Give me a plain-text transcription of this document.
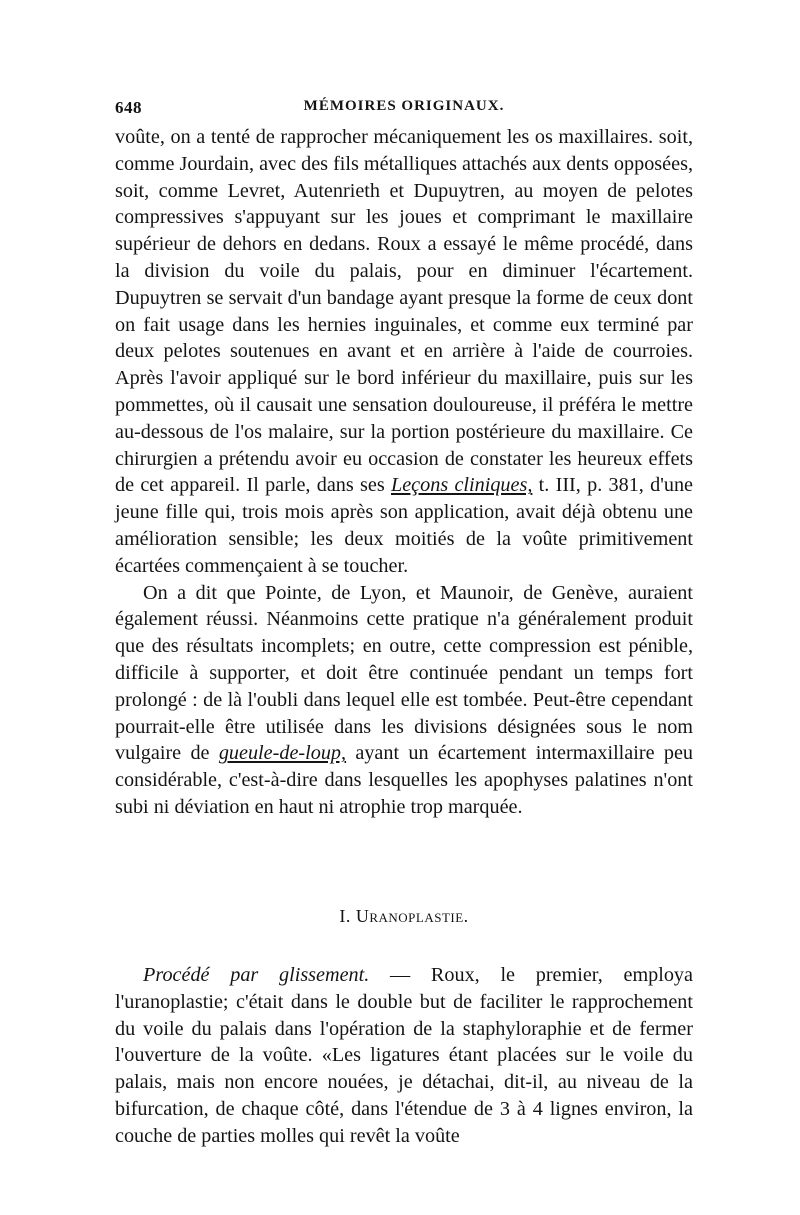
648	MÉMOIRES ORIGINAUX.

voûte, on a tenté de rapprocher mécaniquement les os maxillaires. soit, comme Jourdain, avec des fils métalliques attachés aux dents opposées, soit, comme Levret, Autenrieth et Dupuytren, au moyen de pelotes compressives s'appuyant sur les joues et comprimant le maxillaire supérieur de dehors en dedans. Roux a essayé le même procédé, dans la division du voile du palais, pour en diminuer l'écartement. Dupuytren se servait d'un bandage ayant presque la forme de ceux dont on fait usage dans les hernies inguinales, et comme eux terminé par deux pelotes soutenues en avant et en arrière à l'aide de courroies. Après l'avoir appliqué sur le bord inférieur du maxillaire, puis sur les pommettes, où il causait une sensation douloureuse, il préféra le mettre au-dessous de l'os malaire, sur la portion postérieure du maxillaire. Ce chirurgien a prétendu avoir eu occasion de constater les heureux effets de cet appareil. Il parle, dans ses Leçons cliniques, t. III, p. 381, d'une jeune fille qui, trois mois après son application, avait déjà obtenu une amélioration sensible; les deux moitiés de la voûte primitivement écartées commençaient à se toucher.

On a dit que Pointe, de Lyon, et Maunoir, de Genève, auraient également réussi. Néanmoins cette pratique n'a généralement produit que des résultats incomplets; en outre, cette compression est pénible, difficile à supporter, et doit être continuée pendant un temps fort prolongé : de là l'oubli dans lequel elle est tombée. Peut-être cependant pourrait-elle être utilisée dans les divisions désignées sous le nom vulgaire de gueule-de-loup, ayant un écartement intermaxillaire peu considérable, c'est-à-dire dans lesquelles les apophyses palatines n'ont subi ni déviation en haut ni atrophie trop marquée.

I. Uranoplastie.

Procédé par glissement. — Roux, le premier, employa l'uranoplastie; c'était dans le double but de faciliter le rapprochement du voile du palais dans l'opération de la staphyloraphie et de fermer l'ouverture de la voûte. «Les ligatures étant placées sur le voile du palais, mais non encore nouées, je détachai, dit-il, au niveau de la bifurcation, de chaque côté, dans l'étendue de 3 à 4 lignes environ, la couche de parties molles qui revêt la voûte
